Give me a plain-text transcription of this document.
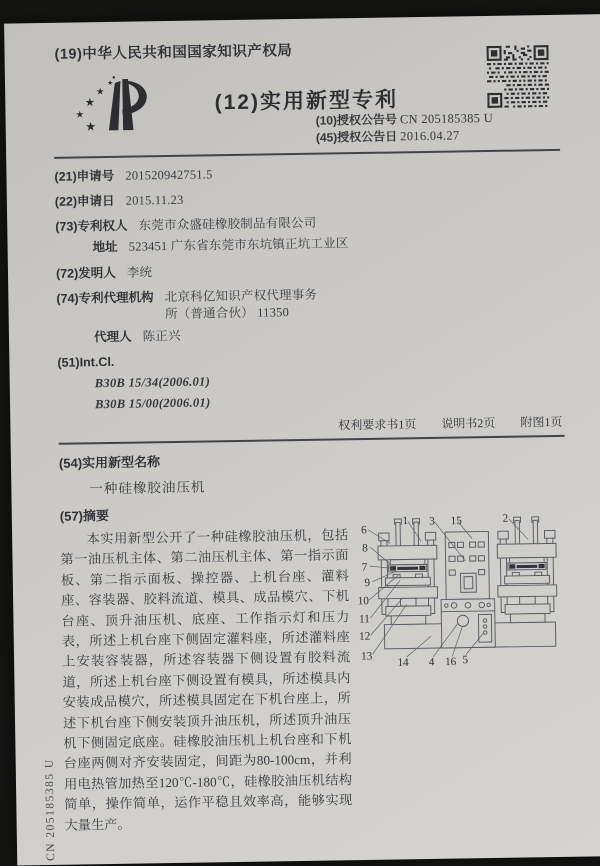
(19)中华人民共和国国家知识产权局
★
★
★
★
★
(12)实用新型专利
(10)授权公告号 CN 205185385 U
(45)授权公告日 2016.04.27
(21)申请号 201520942751.5
(22)申请日 2015.11.23
(73)专利权人 东莞市众盛硅橡胶制品有限公司
地址 523451 广东省东莞市东坑镇正坑工业区
(72)发明人 李统
(74)专利代理机构 北京科亿知识产权代理事务所（普通合伙） 11350
代理人 陈正兴
(51)Int.Cl.
B30B 15/34(2006.01)
B30B 15/00(2006.01)
权利要求书1页 说明书2页 附图1页
(54)实用新型名称
一种硅橡胶油压机
(57)摘要

本实用新型公开了一种硅橡胶油压机，包括第一油压机主体、第二油压机主体、第一指示面板、第二指示面板、操控器、上机台座、灌料座、容装器、胶料流道、模具、成品模穴、下机台座、顶升油压机、底座、工作指示灯和压力表，所述上机台座下侧固定灌料座，所述灌料座上安装容装器，所述容装器下侧设置有胶料流道，所述上机台座下侧设置有模具，所述模具内安装成品模穴，所述模具固定在下机台座上，所述下机台座下侧安装顶升油压机，所述顶升油压机下侧固定底座。硅橡胶油压机上机台座和下机台座两侧对齐安装固定，间距为80-100cm，并利用电热管加热至120℃-180℃，硅橡胶油压机结构简单，操作简单，运作平稳且效率高，能够实现大量生产。

6
1 3 15	2
8
7
9
10
11
12
13
14 4 16 5
CN 205185385 U
